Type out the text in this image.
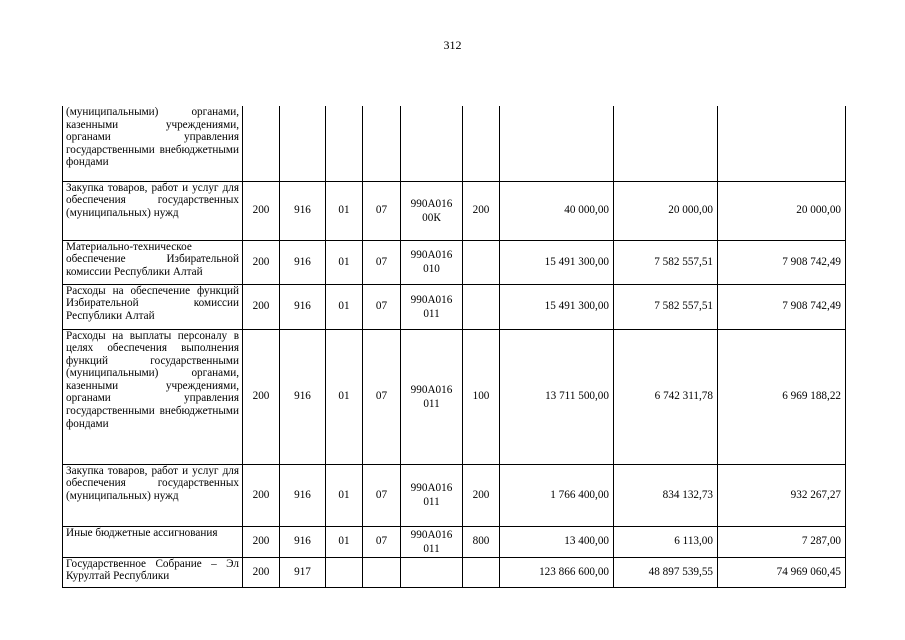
312
(муниципальными) органами, казенными учреждениями, органами управления государственными внебюджетными фондами									
Закупка товаров, работ и услуг для обеспечения государственных (муниципальных) нужд	200	916	01	07	990А016 00К	200	40 000,00	20 000,00	20 000,00
Материально-техническое обеспечение Избирательной комиссии Республики Алтай	200	916	01	07	990А016 010		15 491 300,00	7 582 557,51	7 908 742,49
Расходы на обеспечение функций Избирательной комиссии Республики Алтай	200	916	01	07	990А016 011		15 491 300,00	7 582 557,51	7 908 742,49
Расходы на выплаты персоналу в целях обеспечения выполнения функций государственными (муниципальными) органами, казенными учреждениями, органами управления государственными внебюджетными фондами	200	916	01	07	990А016 011	100	13 711 500,00	6 742 311,78	6 969 188,22
Закупка товаров, работ и услуг для обеспечения государственных (муниципальных) нужд	200	916	01	07	990А016 011	200	1 766 400,00	834 132,73	932 267,27
Иные бюджетные ассигнования	200	916	01	07	990А016 011	800	13 400,00	6 113,00	7 287,00
Государственное Собрание – Эл Курултай Республики	200	917					123 866 600,00	48 897 539,55	74 969 060,45
